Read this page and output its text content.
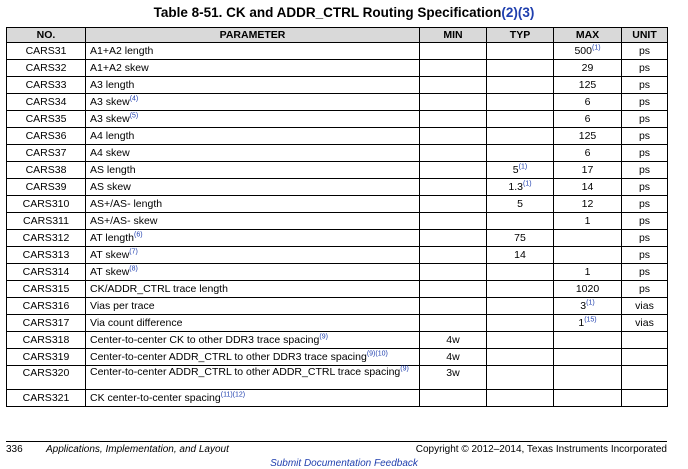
Table 8-51. CK and ADDR_CTRL Routing Specification(2)(3)
NO.	PARAMETER	MIN	TYP	MAX	UNIT
CARS31	A1+A2 length			500$^{(1)}$	ps
CARS32	A1+A2 skew			29	ps
CARS33	A3 length			125	ps
CARS34	A3 skew$^{(4)}$			6	ps
CARS35	A3 skew$^{(5)}$			6	ps
CARS36	A4 length			125	ps
CARS37	A4 skew			6	ps
CARS38	AS length		5$^{(1)}$	17	ps
CARS39	AS skew		1.3$^{(1)}$	14	ps
CARS310	AS+/AS- length		5	12	ps
CARS311	AS+/AS- skew			1	ps
CARS312	AT length$^{(6)}$		75		ps
CARS313	AT skew$^{(7)}$		14		ps
CARS314	AT skew$^{(8)}$			1	ps
CARS315	CK/ADDR_CTRL trace length			1020	ps
CARS316	Vias per trace			3$^{(1)}$	vias
CARS317	Via count difference			1$^{(15)}$	vias
CARS318	Center-to-center CK to other DDR3 trace spacing$^{(9)}$	4w			
CARS319	Center-to-center ADDR_CTRL to other DDR3 trace spacing$^{(9)(10)}$	4w			
CARS320	Center-to-center ADDR_CTRL to other ADDR_CTRL trace spacing$^{(9)}$	3w			
CARS321	CK center-to-center spacing$^{(11)(12)}$				
336 Applications, Implementation, and Layout	Copyright © 2012–2014, Texas Instruments Incorporated
Submit Documentation Feedback
